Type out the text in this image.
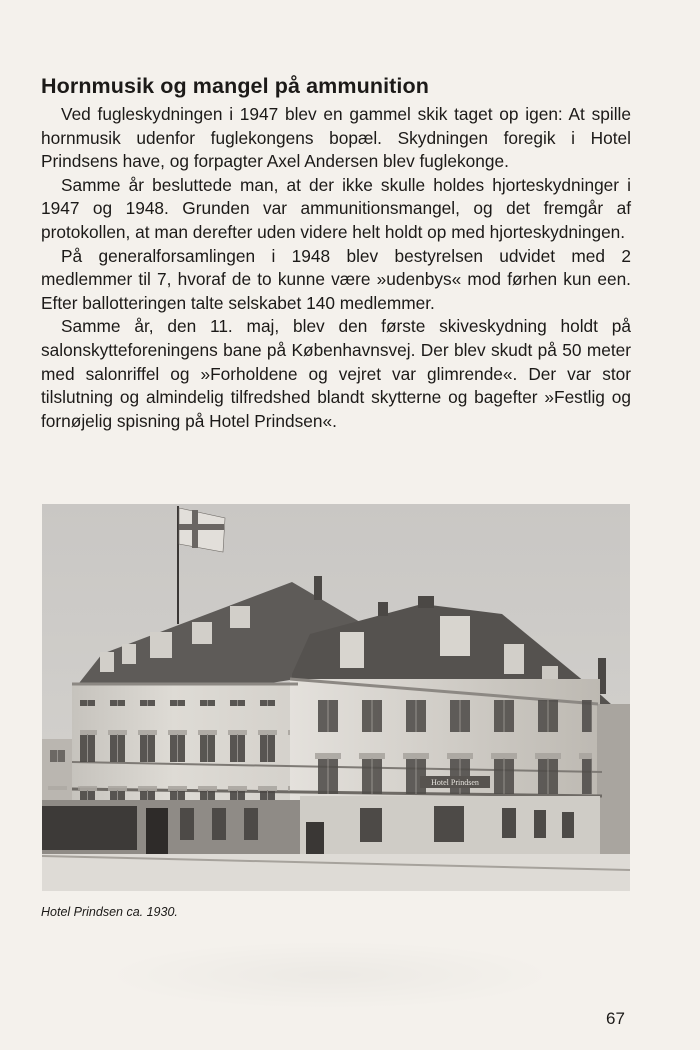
Hornmusik og mangel på ammunition

Ved fugleskydningen i 1947 blev en gammel skik taget op igen: At spille hornmusik udenfor fuglekongens bopæl. Skydningen foregik i Hotel Prindsens have, og forpagter Axel Andersen blev fuglekonge.

Samme år besluttede man, at der ikke skulle holdes hjorteskydninger i 1947 og 1948. Grunden var ammunitionsmangel, og det fremgår af protokollen, at man derefter uden videre helt holdt op med hjorteskydningen.

På generalforsamlingen i 1948 blev bestyrelsen udvidet med 2 medlemmer til 7, hvoraf de to kunne være »udenbys« mod førhen kun een. Efter ballotteringen talte selskabet 140 medlemmer.

Samme år, den 11. maj, blev den første skiveskydning holdt på salonskytteforeningens bane på Københavnsvej. Der blev skudt på 50 meter med salonriffel og »Forholdene og vejret var glimrende«. Der var stor tilslutning og almindelig tilfredshed blandt skytterne og bagefter »Festlig og fornøjelig spisning på Hotel Prindsen«.

Hotel Prindsen
Hotel Prindsen ca. 1930.
67
